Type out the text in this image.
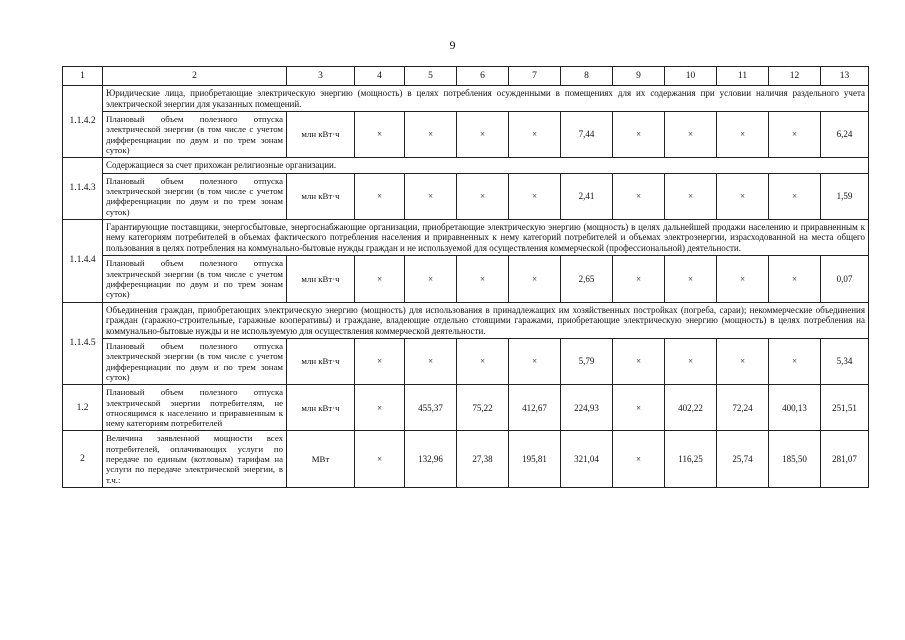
9
1	2	3	4	5	6	7	8	9	10	11	12	13
1.1.4.2	Юридические лица, приобретающие электрическую энергию (мощность) в целях потребления осужденными в помещениях для их содержания при условии наличия раздельного учета электрической энергии для указанных помещений.											
	Плановый объем полезного отпуска электрической энергии (в том числе с учетом дифференциации по двум и по трем зонам суток)	млн кВт·ч	×	×	×	×	7,44	×	×	×	×	6,24
1.1.4.3	Содержащиеся за счет прихожан религиозные организации.											
	Плановый объем полезного отпуска электрической энергии (в том числе с учетом дифференциации по двум и по трем зонам суток)	млн кВт·ч	×	×	×	×	2,41	×	×	×	×	1,59
1.1.4.4	Гарантирующие поставщики, энергосбытовые, энергоснабжающие организации, приобретающие электрическую энергию (мощность) в целях дальнейшей продажи населению и приравненным к нему категориям потребителей в объемах фактического потребления населения и приравненных к нему категорий потребителей и объемах электроэнергии, израсходованной на места общего пользования в целях потребления на коммунально-бытовые нужды граждан и не используемой для осуществления коммерческой (профессиональной) деятельности.											
	Плановый объем полезного отпуска электрической энергии (в том числе с учетом дифференциации по двум и по трем зонам суток)	млн кВт·ч	×	×	×	×	2,65	×	×	×	×	0,07
1.1.4.5	Объединения граждан, приобретающих электрическую энергию (мощность) для использования в принадлежащих им хозяйственных постройках (погреба, сараи); некоммерческие объединения граждан (гаражно-строительные, гаражные кооперативы) и граждане, владеющие отдельно стоящими гаражами, приобретающие электрическую энергию (мощность) в целях потребления на коммунально-бытовые нужды и не используемую для осуществления коммерческой деятельности.											
	Плановый объем полезного отпуска электрической энергии (в том числе с учетом дифференциации по двум и по трем зонам суток)	млн кВт·ч	×	×	×	×	5,79	×	×	×	×	5,34
1.2	Плановый объем полезного отпуска электрической энергии потребителям, не относящимся к населению и приравненным к нему категориям потребителей	млн кВт·ч	×	455,37	75,22	412,67	224,93	×	402,22	72,24	400,13	251,51
2	Величина заявленной мощности всех потребителей, оплачивающих услуги по передаче по единым (котловым) тарифам на услуги по передаче электрической энергии, в т.ч.:	МВт	×	132,96	27,38	195,81	321,04	×	116,25	25,74	185,50	281,07
